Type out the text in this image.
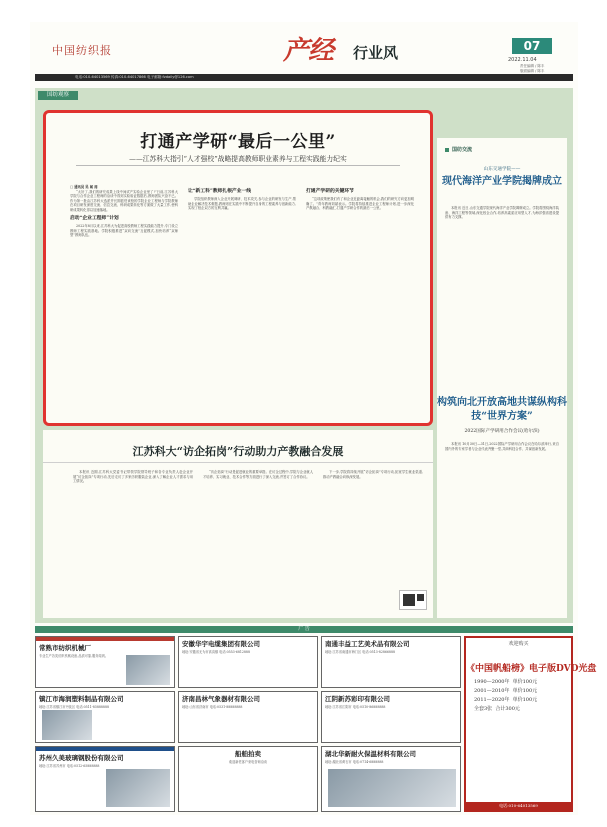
中国纺织报	产经 行业风	07
2022.11.04
责任编辑 / 陈丰
版面编辑 / 陈丰

电话:010-64013569 传真:010-64017866 电子邮箱:fzdaily@126.com
国纺观察
打通产学研“最后一公里”
——江苏科大指引“人才强校”战略提高教师职业素养与工程实践能力纪实
□ 通讯员 吴 闻 周

“太好了,我们的研究成果上线中间试产实验企业里了!”日前,江苏科大学院与合作企业工程师的洽谈中得到实验验证数据后,教师团队兴奋不已。作为第一批由江苏科大选派并长期派驻该校的学院企业工程师与学院教师在项目研发深度交流、信息交流、科研成果转化等方面做了大量工作,使科研成果转化得以加速落地。

启动“企业工程师”计划

2022年8月以来,江苏科大为促进高校教师工程实践能力提升,专门设立教师工程实践基地。学院积极推进“双向交流”互促模式,加快培养“双师型”教师队伍。

让“新工科”教师扎根产业一线

学院组织教师深入企业开展调研、技术攻关,参与企业的研发与生产,帮助企业解决技术难题,教师则在实践中不断提升自身的工程素养与创新能力,实现了校企双方的互利共赢。

打通产学研的关键环节

“这项政策使我们有了和企业近距离接触的机会,我们的研究方向更加明确了。”青年教师刘斌表示。学院将持续推进企业工程师计划,进一步深化产教融合、科教融汇,打通产学研合作的最后一公里。

江苏科大“访企拓岗”行动助力产教融合发展

本报讯 近期,江苏科大党委书记带领学院领导班子和各专业负责人赴企业开展“访企拓岗”专项行动,先后走访了多家纺织服装企业,深入了解企业人才需求与用工情况。

“访企拓岗”行动是促进就业的重要举措。在访企过程中,学院与企业就人才培养、实习就业、技术合作等方面进行了深入交流,并签订了合作协议。

下一步,学院将持续开展“访企拓岗”专项行动,拓宽学生就业渠道,推动产教融合向纵深发展。

国纺交流
山东交通学院——
现代海洋产业学院揭牌成立

本报讯 近日,山东交通学院现代海洋产业学院揭牌成立。学院将围绕海洋装备、海洋工程等领域,深化校企合作,培养高素质应用型人才,为海洋强省建设提供有力支撑。

构筑向北开放高地共谋纵构科技“世界方案”
2022国际产学研用合作会议(哈尔滨)

本报讯 10月30日—31日,2022国际产学研用合作会议在哈尔滨举行,来自国内外的专家学者与企业代表齐聚一堂,共商科技合作、共谋创新发展。

广 告
常熟市纺织机械厂
专业生产各类纺织机械设备,品质可靠,服务周到。
安徽华宇电缆集团有限公司
地址:安徽省无为市高沟镇 电话:0553-6812888
南通丰益工艺美术品有限公司
地址:江苏省南通市海门区 电话:0513-82866888
镇江市海润塑料制品有限公司
地址:江苏省镇江市丹徒区 电话:0511-85888888
济南昌林气象器材有限公司
地址:山东省济南市 电话:0531-88888888
江阴新苏彩印有限公司
地址:江苏省江阴市 电话:0510-86888888
苏州久美玻璃钢股份有限公司
地址:江苏省苏州市 电话:0512-65888888
船舶拍卖
欢迎新老客户来电咨询洽谈
湖北华新耐火保温材料有限公司
地址:湖北省黄石市 电话:0714-6888888
欢迎购买
《中国帆船榜》电子版DVD光盘
1990—2000年  单价100元
2001—2010年  单价100元
2011—2020年  单价100元
全套3张  合计300元
电话:010-64013569
